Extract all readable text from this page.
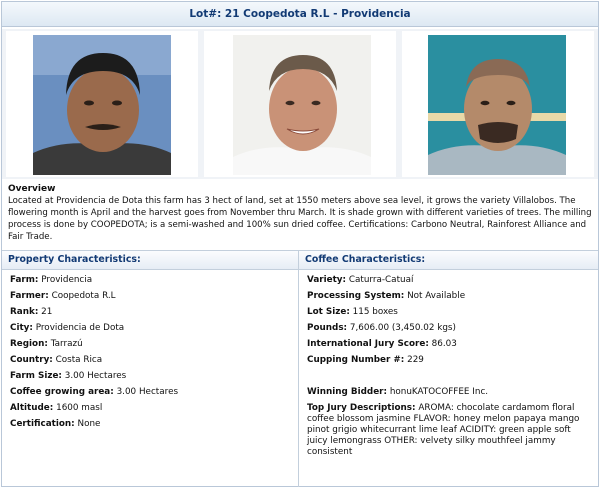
Lot#: 21 Coopedota R.L - Providencia
Overview
Located at Providencia de Dota this farm has 3 hect of land, set at 1550 meters above sea level, it grows the variety Villalobos. The flowering month is April and the harvest goes from November thru March. It is shade grown with different varieties of trees. The milling process is done by COOPEDOTA; is a semi-washed and 100% sun dried coffee. Certifications: Carbono Neutral, Rainforest Alliance and Fair Trade.
Property Characteristics:
Farm: Providencia
Farmer: Coopedota R.L
Rank: 21
City: Providencia de Dota
Region: Tarrazú
Country: Costa Rica
Farm Size: 3.00 Hectares
Coffee growing area: 3.00 Hectares
Altitude: 1600 masl
Certification: None
Coffee Characteristics:
Variety: Caturra-Catuaí
Processing System: Not Available
Lot Size: 115 boxes
Pounds: 7,606.00 (3,450.02 kgs)
International Jury Score: 86.03
Cupping Number #: 229
Winning Bidder: honuKATOCOFFEE Inc.
Top Jury Descriptions: AROMA: chocolate cardamom floral coffee blossom jasmine FLAVOR: honey melon papaya mango pinot grigio whitecurrant lime leaf ACIDITY: green apple soft juicy lemongrass OTHER: velvety silky mouthfeel jammy consistent
